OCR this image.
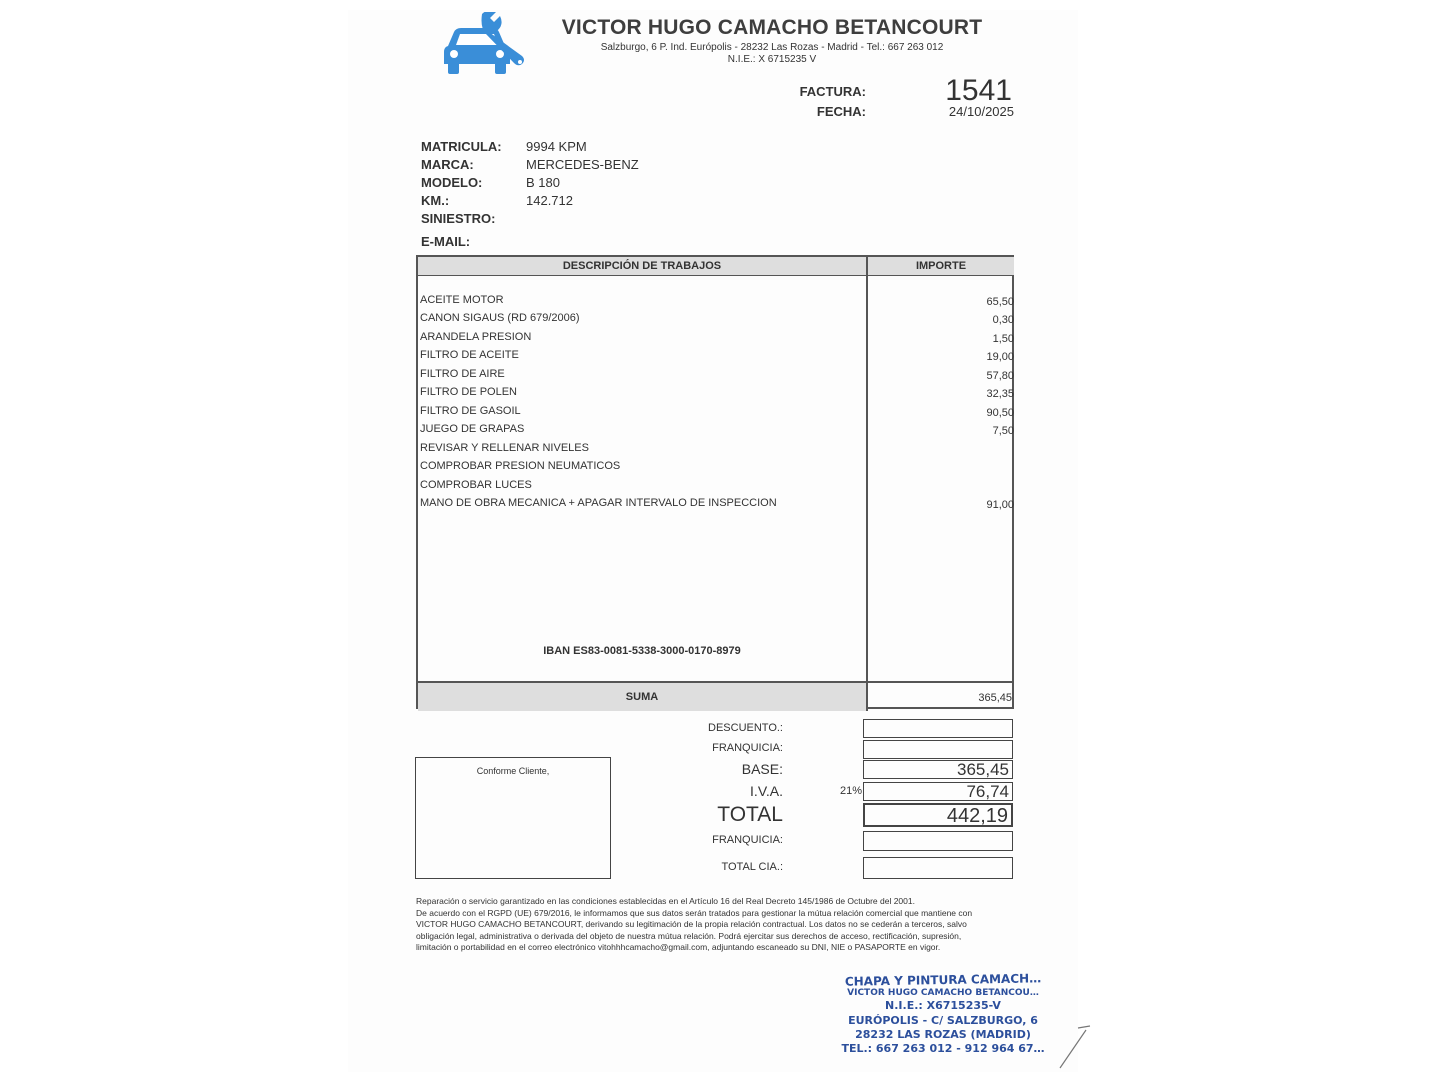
VICTOR HUGO CAMACHO BETANCOURT
Salzburgo, 6 P. Ind. Európolis - 28232 Las Rozas - Madrid - Tel.: 667 263 012
N.I.E.: X 6715235 V
FACTURA:	1541
FECHA:	24/10/2025
MATRICULA: 9994 KPM
MARCA:	MERCEDES-BENZ
MODELO:	B 180
KM.:	142.712
SINIESTRO:
E-MAIL:
DESCRIPCIÓN DE TRABAJOS	IMPORTE
ACEITE MOTOR	65,50
CANON SIGAUS (RD 679/2006)	0,30
ARANDELA PRESION	1,50
FILTRO DE ACEITE	19,00
FILTRO DE AIRE	57,80
FILTRO DE POLEN	32,35
FILTRO DE GASOIL	90,50
JUEGO DE GRAPAS	7,50
REVISAR Y RELLENAR NIVELES
COMPROBAR PRESION NEUMATICOS
COMPROBAR LUCES
MANO DE OBRA MECANICA + APAGAR INTERVALO DE INSPECCION	91,00
IBAN ES83-0081-5338-3000-0170-8979
SUMA	365,45
DESCUENTO.:
FRANQUICIA:
BASE:	365,45
I.V.A.	21%	76,74
TOTAL	442,19
FRANQUICIA:
TOTAL CIA.:
Conforme Cliente,
Reparación o servicio garantizado en las condiciones establecidas en el Artículo 16 del Real Decreto 145/1986 de Octubre del 2001.
De acuerdo con el RGPD (UE) 679/2016, le informamos que sus datos serán tratados para gestionar la mútua relación comercial que mantiene con
VICTOR HUGO CAMACHO BETANCOURT, derivando su legitimación de la propia relación contractual. Los datos no se cederán a terceros, salvo
obligación legal, administrativa o derivada del objeto de nuestra mútua relación. Podrá ejercitar sus derechos de acceso, rectificación, supresión,
limitación o portabilidad en el correo electrónico vitohhhcamacho@gmail.com, adjuntando escaneado su DNI, NIE o PASAPORTE en vigor.
CHAPA Y PINTURA CAMACH…
VICTOR HUGO CAMACHO BETANCOU…
N.I.E.: X6715235-V
EURÓPOLIS - C/ SALZBURGO, 6
28232 LAS ROZAS (MADRID)
TEL.: 667 263 012 - 912 964 67…
